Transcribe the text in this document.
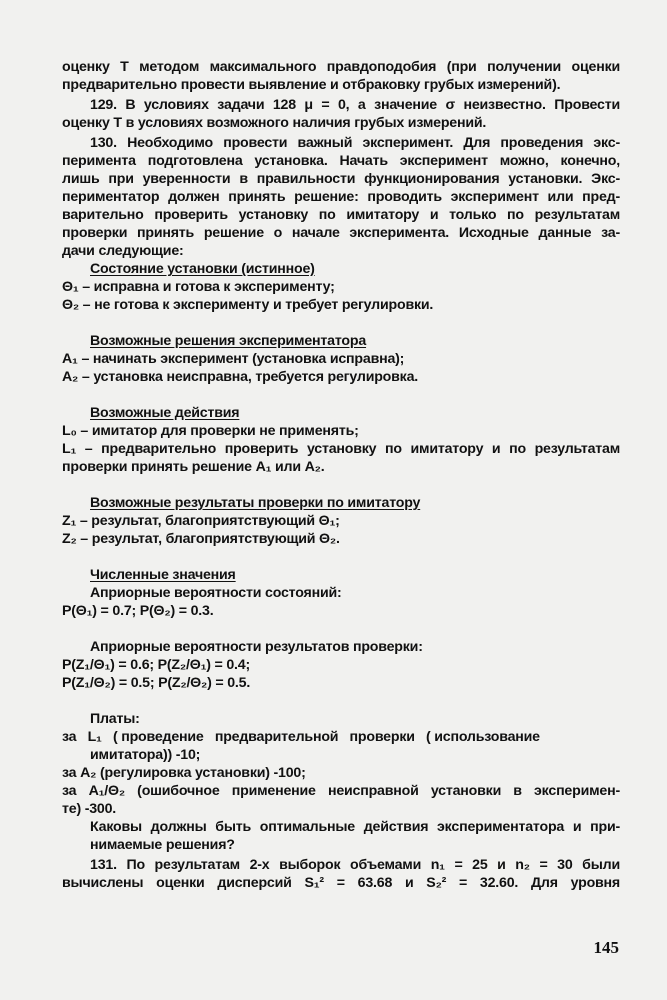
оценку Т методом максимального правдоподобия (при получении оценки
предварительно провести выявление и отбраковку грубых измерений).
129. В условиях задачи 128 μ = 0, а значение σ неизвестно. Провести
оценку Т в условиях возможного наличия грубых измерений.
130. Необходимо провести важный эксперимент. Для проведения экс-
перимента подготовлена установка. Начать эксперимент можно, конечно,
лишь при уверенности в правильности функционирования установки. Экс-
периментатор должен принять решение: проводить эксперимент или пред-
варительно проверить установку по имитатору и только по результатам
проверки принять решение о начале эксперимента. Исходные данные за-
дачи следующие:
Состояние установки (истинное)
Θ₁ – исправна и готова к эксперименту;
Θ₂ – не готова к эксперименту и требует регулировки.
Возможные решения экспериментатора
A₁ – начинать эксперимент (установка исправна);
A₂ – установка неисправна, требуется регулировка.
Возможные действия
L₀ – имитатор для проверки не применять;
L₁ – предварительно проверить установку по имитатору и по результатам
проверки принять решение A₁ или A₂.
Возможные результаты проверки по имитатору
Z₁ – результат, благоприятствующий Θ₁;
Z₂ – результат, благоприятствующий Θ₂.
Численные значения
Априорные вероятности состояний:
P(Θ₁) = 0.7; P(Θ₂) = 0.3.
Априорные вероятности результатов проверки:
P(Z₁/Θ₁) = 0.6; P(Z₂/Θ₁) = 0.4;
P(Z₁/Θ₂) = 0.5; P(Z₂/Θ₂) = 0.5.
Платы:
за   L₁   ( проведение   предварительной   проверки   ( использование
имитатора)) -10;
за A₂ (регулировка установки) -100;
за A₁/Θ₂ (ошибочное применение неисправной установки в эксперимен-
те) -300.
Каковы должны быть оптимальные действия экспериментатора и при-
нимаемые решения?
131. По результатам 2-х выборок объемами n₁ = 25 и n₂ = 30 были
вычислены оценки дисперсий S₁² = 63.68 и S₂² = 32.60. Для уровня
145
